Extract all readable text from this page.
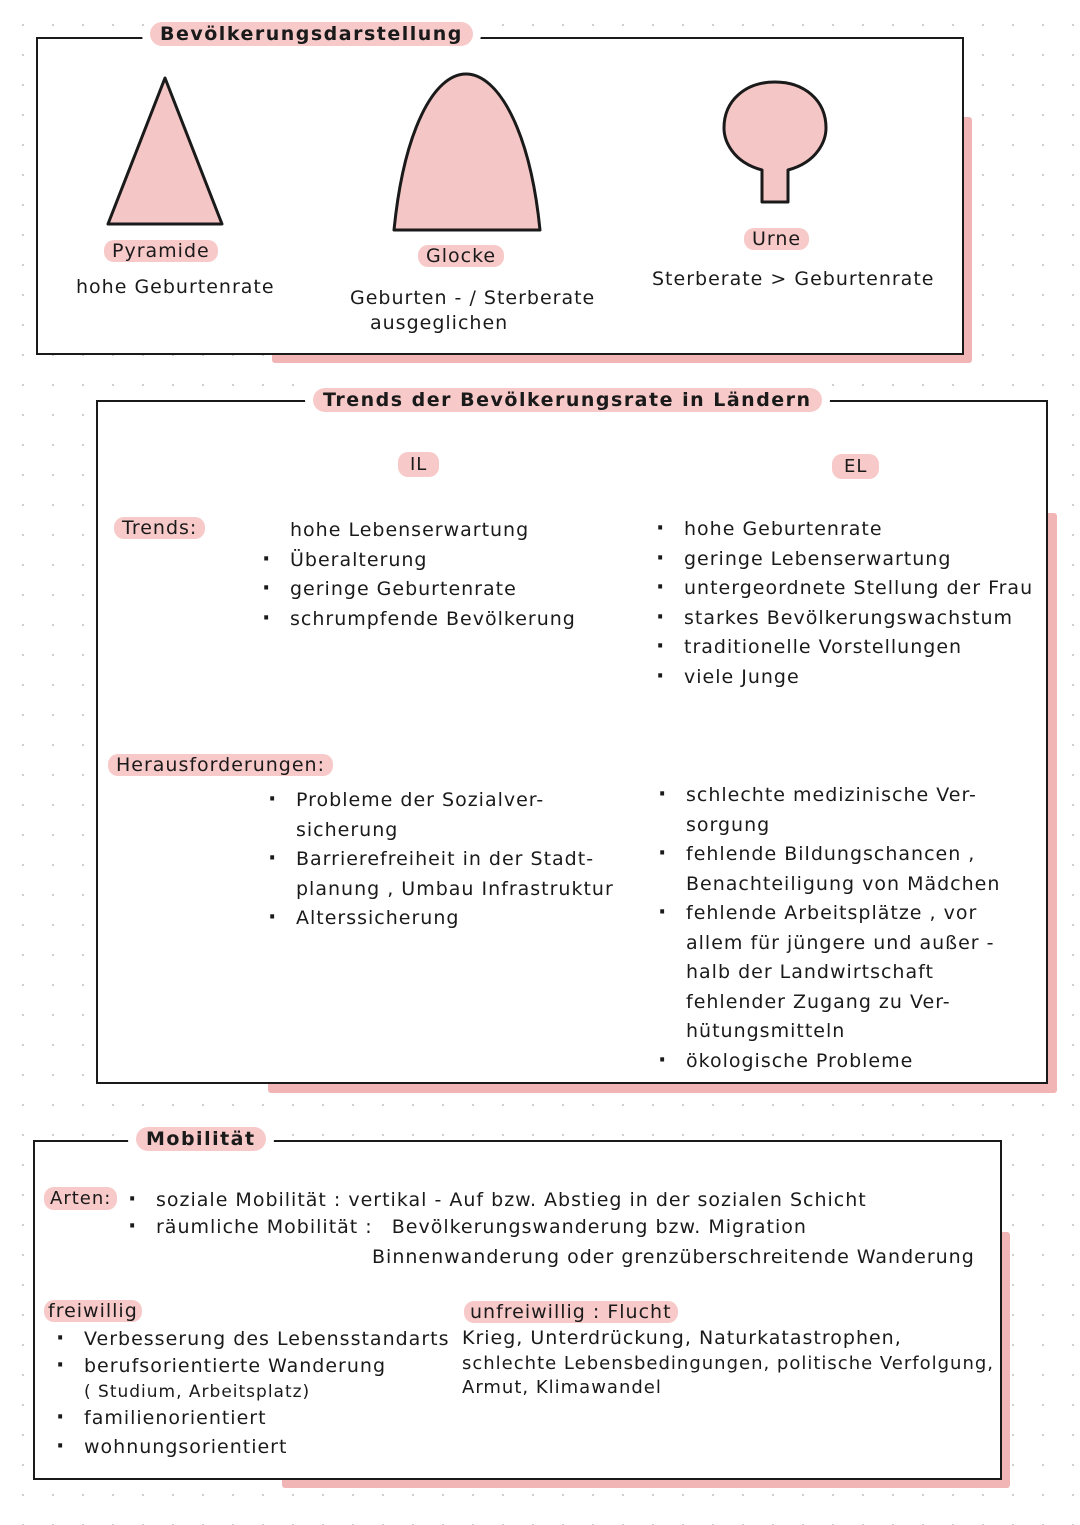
Bevölkerungsdarstellung
Pyramide
hohe Geburtenrate
Glocke
Geburten - / Sterberate
ausgeglichen
Urne
Sterberate > Geburtenrate
Trends der Bevölkerungsrate in Ländern
IL	EL
Trends:	hohe Lebenserwartung
· Überalterung
· geringe Geburtenrate
· schrumpfende Bevölkerung
· hohe Geburtenrate
· geringe Lebenserwartung
· untergeordnete Stellung der Frau
· starkes Bevölkerungswachstum
· traditionelle Vorstellungen
· viele Junge
Herausforderungen:
· Probleme der Sozialver-
sicherung
· Barrierefreiheit in der Stadt-
planung , Umbau Infrastruktur
· Alterssicherung
· schlechte medizinische Ver-
sorgung
· fehlende Bildungschancen ,
Benachteiligung von Mädchen
· fehlende Arbeitsplätze , vor
allem für jüngere und außer -
halb der Landwirtschaft
fehlender Zugang zu Ver-
hütungsmitteln
· ökologische Probleme
Mobilität
Arten:
·	soziale Mobilität : vertikal - Auf bzw. Abstieg in der sozialen Schicht
· räumliche Mobilität : Bevölkerungswanderung bzw. Migration
Binnenwanderung oder grenzüberschreitende Wanderung
freiwillig
· Verbesserung des Lebensstandarts
· berufsorientierte Wanderung
( Studium, Arbeitsplatz)
· familienorientiert
· wohnungsorientiert
unfreiwillig : Flucht
Krieg, Unterdrückung, Naturkatastrophen,
schlechte Lebensbedingungen, politische Verfolgung,
Armut, Klimawandel
